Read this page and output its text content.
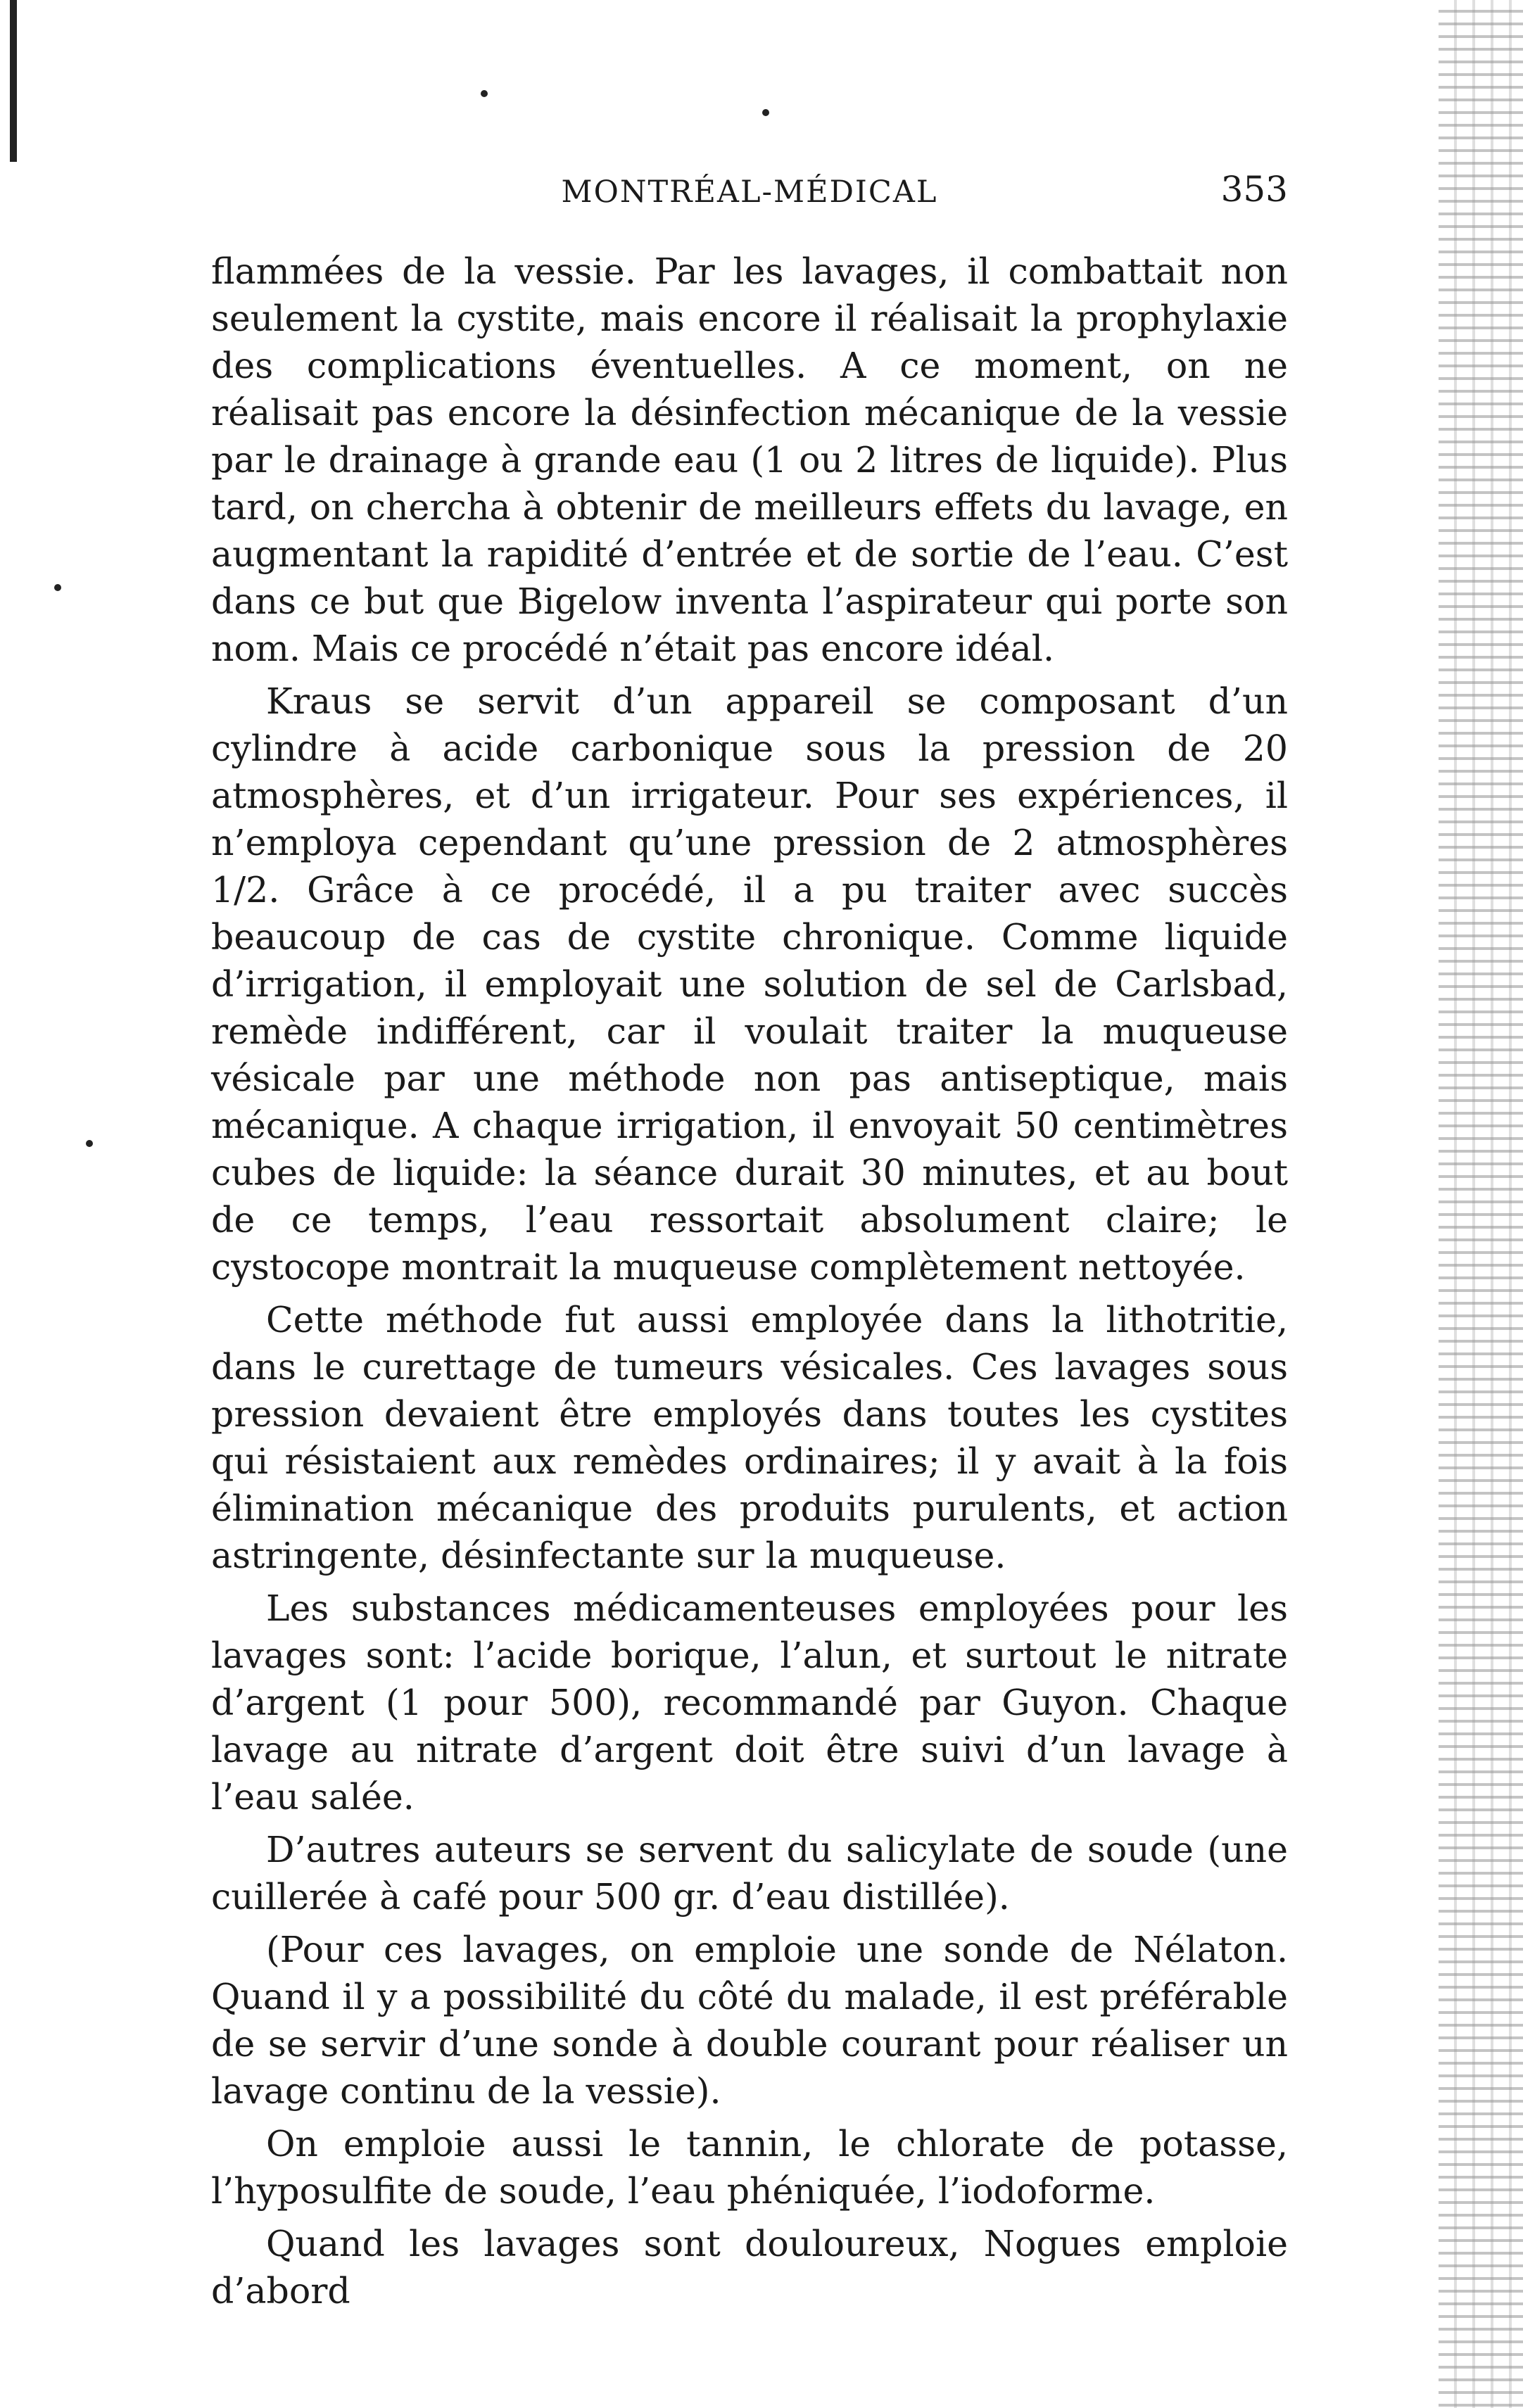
MONTRÉAL-MÉDICAL	353

flammées de la vessie. Par les lavages, il combattait non seulement la cystite, mais encore il réalisait la prophylaxie des complications éventuelles. A ce moment, on ne réalisait pas encore la désinfection mécanique de la vessie par le drainage à grande eau (1 ou 2 litres de liquide). Plus tard, on chercha à obtenir de meilleurs effets du lavage, en augmentant la rapidité d’entrée et de sortie de l’eau. C’est dans ce but que Bigelow inventa l’aspirateur qui porte son nom. Mais ce procédé n’était pas encore idéal.

Kraus se servit d’un appareil se composant d’un cylindre à acide carbonique sous la pression de 20 atmosphères, et d’un irrigateur. Pour ses expériences, il n’employa cependant qu’une pression de 2 atmosphères 1/2. Grâce à ce procédé, il a pu traiter avec succès beaucoup de cas de cystite chronique. Comme liquide d’irrigation, il employait une solution de sel de Carlsbad, remède indifférent, car il voulait traiter la muqueuse vésicale par une méthode non pas antiseptique, mais mécanique. A chaque irrigation, il envoyait 50 centimètres cubes de liquide: la séance durait 30 minutes, et au bout de ce temps, l’eau ressortait absolument claire; le cystocope montrait la muqueuse complètement nettoyée.

Cette méthode fut aussi employée dans la lithotritie, dans le curettage de tumeurs vésicales. Ces lavages sous pression devaient être employés dans toutes les cystites qui résistaient aux remèdes ordinaires; il y avait à la fois élimination mécanique des produits purulents, et action astringente, désinfectante sur la muqueuse.

Les substances médicamenteuses employées pour les lavages sont: l’acide borique, l’alun, et surtout le nitrate d’argent (1 pour 500), recommandé par Guyon. Chaque lavage au nitrate d’argent doit être suivi d’un lavage à l’eau salée.

D’autres auteurs se servent du salicylate de soude (une cuillerée à café pour 500 gr. d’eau distillée).

(Pour ces lavages, on emploie une sonde de Nélaton. Quand il y a possibilité du côté du malade, il est préférable de se servir d’une sonde à double courant pour réaliser un lavage continu de la vessie).

On emploie aussi le tannin, le chlorate de potasse, l’hyposulfite de soude, l’eau phéniquée, l’iodoforme.

Quand les lavages sont douloureux, Nogues emploie d’abord
